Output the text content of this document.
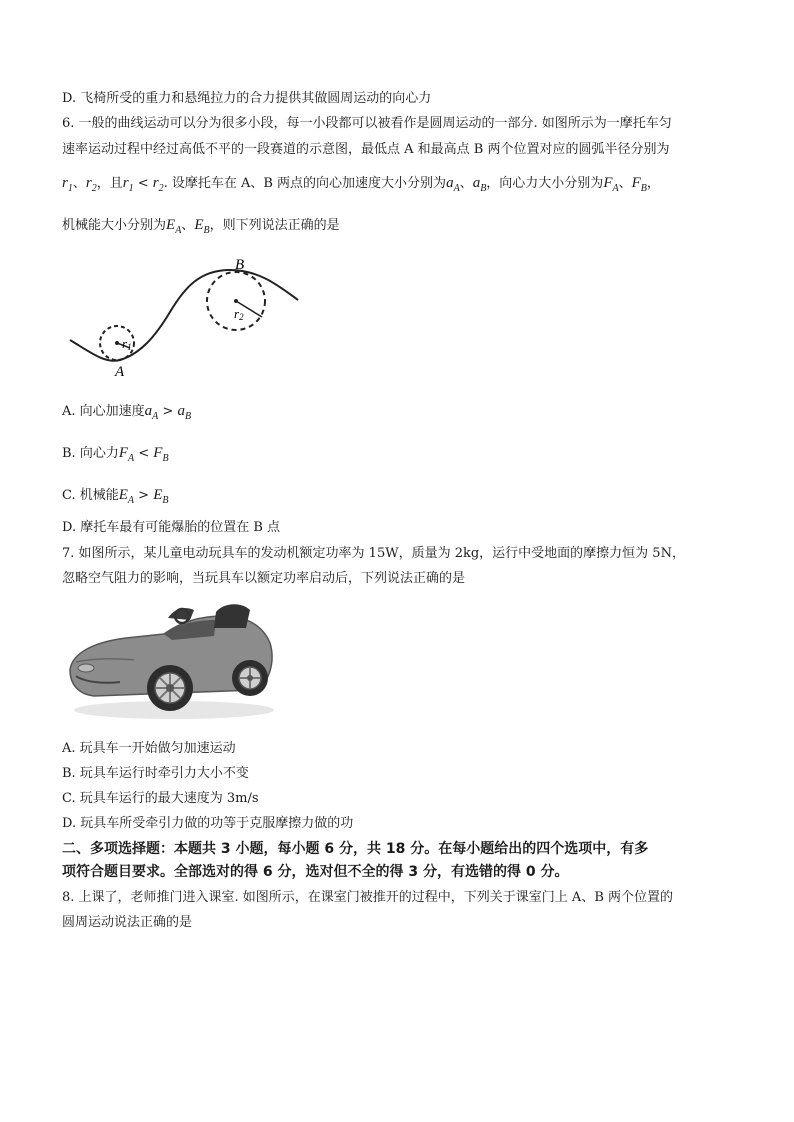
D. 飞椅所受的重力和悬绳拉力的合力提供其做圆周运动的向心力
6. 一般的曲线运动可以分为很多小段，每一小段都可以被看作是圆周运动的一部分. 如图所示为一摩托车匀
速率运动过程中经过高低不平的一段赛道的示意图，最低点 A 和最高点 B 两个位置对应的圆弧半径分别为
$r_1$、$r_2$，且$r_1 < r_2$. 设摩托车在 A、B 两点的向心加速度大小分别为$a_A$、$a_B$，向心力大小分别为$F_A$、$F_B$，
机械能大小分别为$E_A$、$E_B$，则下列说法正确的是
r1
r2
A
B
A. 向心加速度$a_A > a_B$
B. 向心力$F_A < F_B$
C. 机械能$E_A > E_B$
D. 摩托车最有可能爆胎的位置在 B 点
7. 如图所示，某儿童电动玩具车的发动机额定功率为 15W，质量为 2kg，运行中受地面的摩擦力恒为 5N，
忽略空气阻力的影响，当玩具车以额定功率启动后，下列说法正确的是
A. 玩具车一开始做匀加速运动
B. 玩具车运行时牵引力大小不变
C. 玩具车运行的最大速度为 3m/s
D. 玩具车所受牵引力做的功等于克服摩擦力做的功
二、多项选择题：本题共 3 小题，每小题 6 分，共 18 分。在每小题给出的四个选项中，有多
项符合题目要求。全部选对的得 6 分，选对但不全的得 3 分，有选错的得 0 分。
8. 上课了，老师推门进入课室. 如图所示，在课室门被推开的过程中，下列关于课室门上 A、B 两个位置的
圆周运动说法正确的是
